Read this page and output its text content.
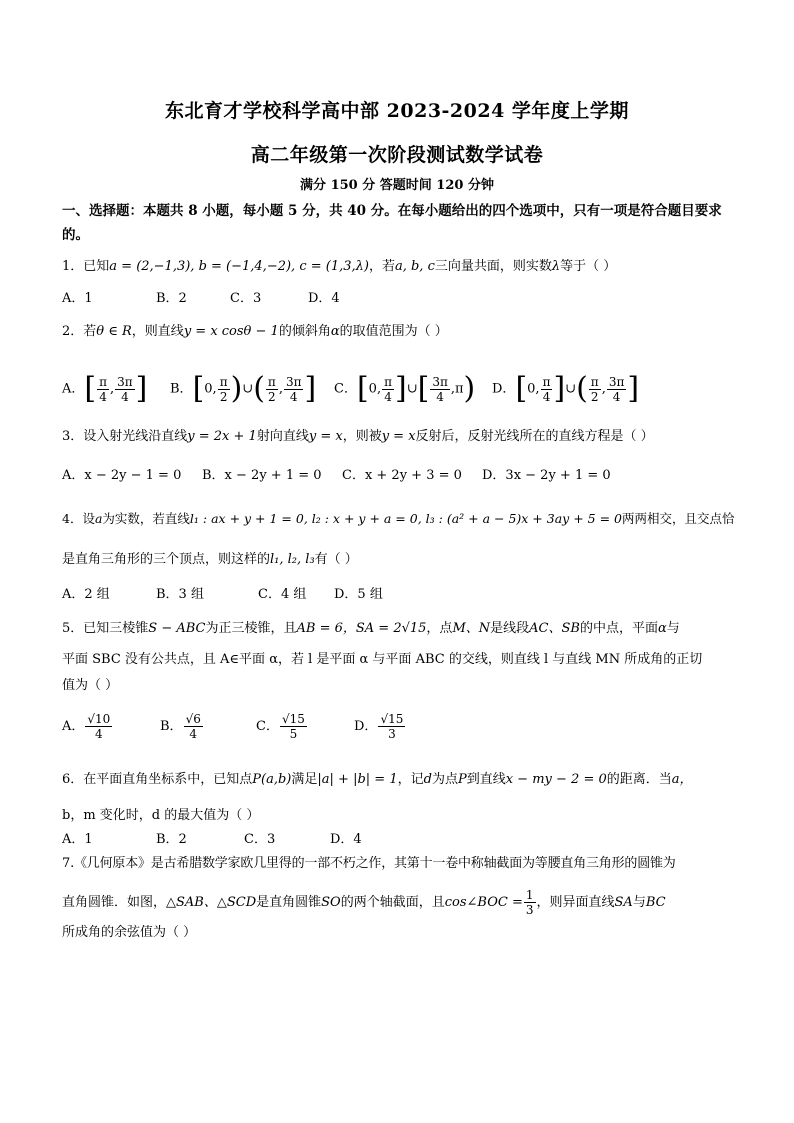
东北育才学校科学高中部 2023-2024 学年度上学期
高二年级第一次阶段测试数学试卷
满分 150 分 答题时间 120 分钟
一、选择题：本题共 8 小题，每小题 5 分，共 40 分。在每小题给出的四个选项中，只有一项是符合题目要求的。
1．已知a = (2,−1,3), b = (−1,4,−2), c = (1,3,λ)，若a, b, c三向量共面，则实数λ等于（ ）
A．1	B．2	C．3	D．4
2．若θ ∈ R，则直线y = x cosθ − 1的倾斜角α的取值范围为（ ）
A．[ $\frac{\pi}{4}$ , $\frac{3\pi}{4}$ ] B．[0, $\frac{\pi}{2}$ )∪( $\frac{\pi}{2}$ , $\frac{3\pi}{4}$ ] C．[0, $\frac{\pi}{4}$ ]∪[ $\frac{3\pi}{4} ,\pi$) D．[0, $\frac{\pi}{4}$ ]∪( $\frac{\pi}{2}$ , $\frac{3\pi}{4}$ ]
3．设入射光线沿直线y = 2x + 1射向直线y = x，则被y = x反射后，反射光线所在的直线方程是（ ）
A．x − 2y − 1 = 0 B．x − 2y + 1 = 0 C．x + 2y + 3 = 0 D．3x − 2y + 1 = 0
4．设a为实数，若直线l₁ : ax + y + 1 = 0, l₂ : x + y + a = 0, l₃ : (a² + a − 5)x + 3ay + 5 = 0两两相交，且交点恰
是直角三角形的三个顶点，则这样的l₁, l₂, l₃有（ ）
A．2 组	B．3 组	C．4 组 D．5 组
5．已知三棱锥S − ABC为正三棱锥，且AB = 6，SA = 2√15，点M、N是线段AC、SB的中点，平面α与
平面 SBC 没有公共点，且 A∈平面 α，若 l 是平面 α 与平面 ABC 的交线，则直线 l 与直线 MN 所成角的正切
值为（ ）
A． $\frac{√10}{4}$	B． $\frac{√6}{4}$	C． $\frac{√15}{5}$	D． $\frac{√15}{3}$
6．在平面直角坐标系中，已知点P(a,b)满足|a| + |b| = 1，记d为点P到直线x − my − 2 = 0的距离．当a，
b，m 变化时，d 的最大值为（ ）
A．1	B．2	C．3	D．4
7.《几何原本》是古希腊数学家欧几里得的一部不朽之作，其第十一卷中称轴截面为等腰直角三角形的圆锥为
直角圆锥．如图，△SAB、△SCD是直角圆锥SO的两个轴截面，且cos∠BOC = $\frac{1}{3}$ ，则异面直线SA与BC
所成角的余弦值为（ ）
